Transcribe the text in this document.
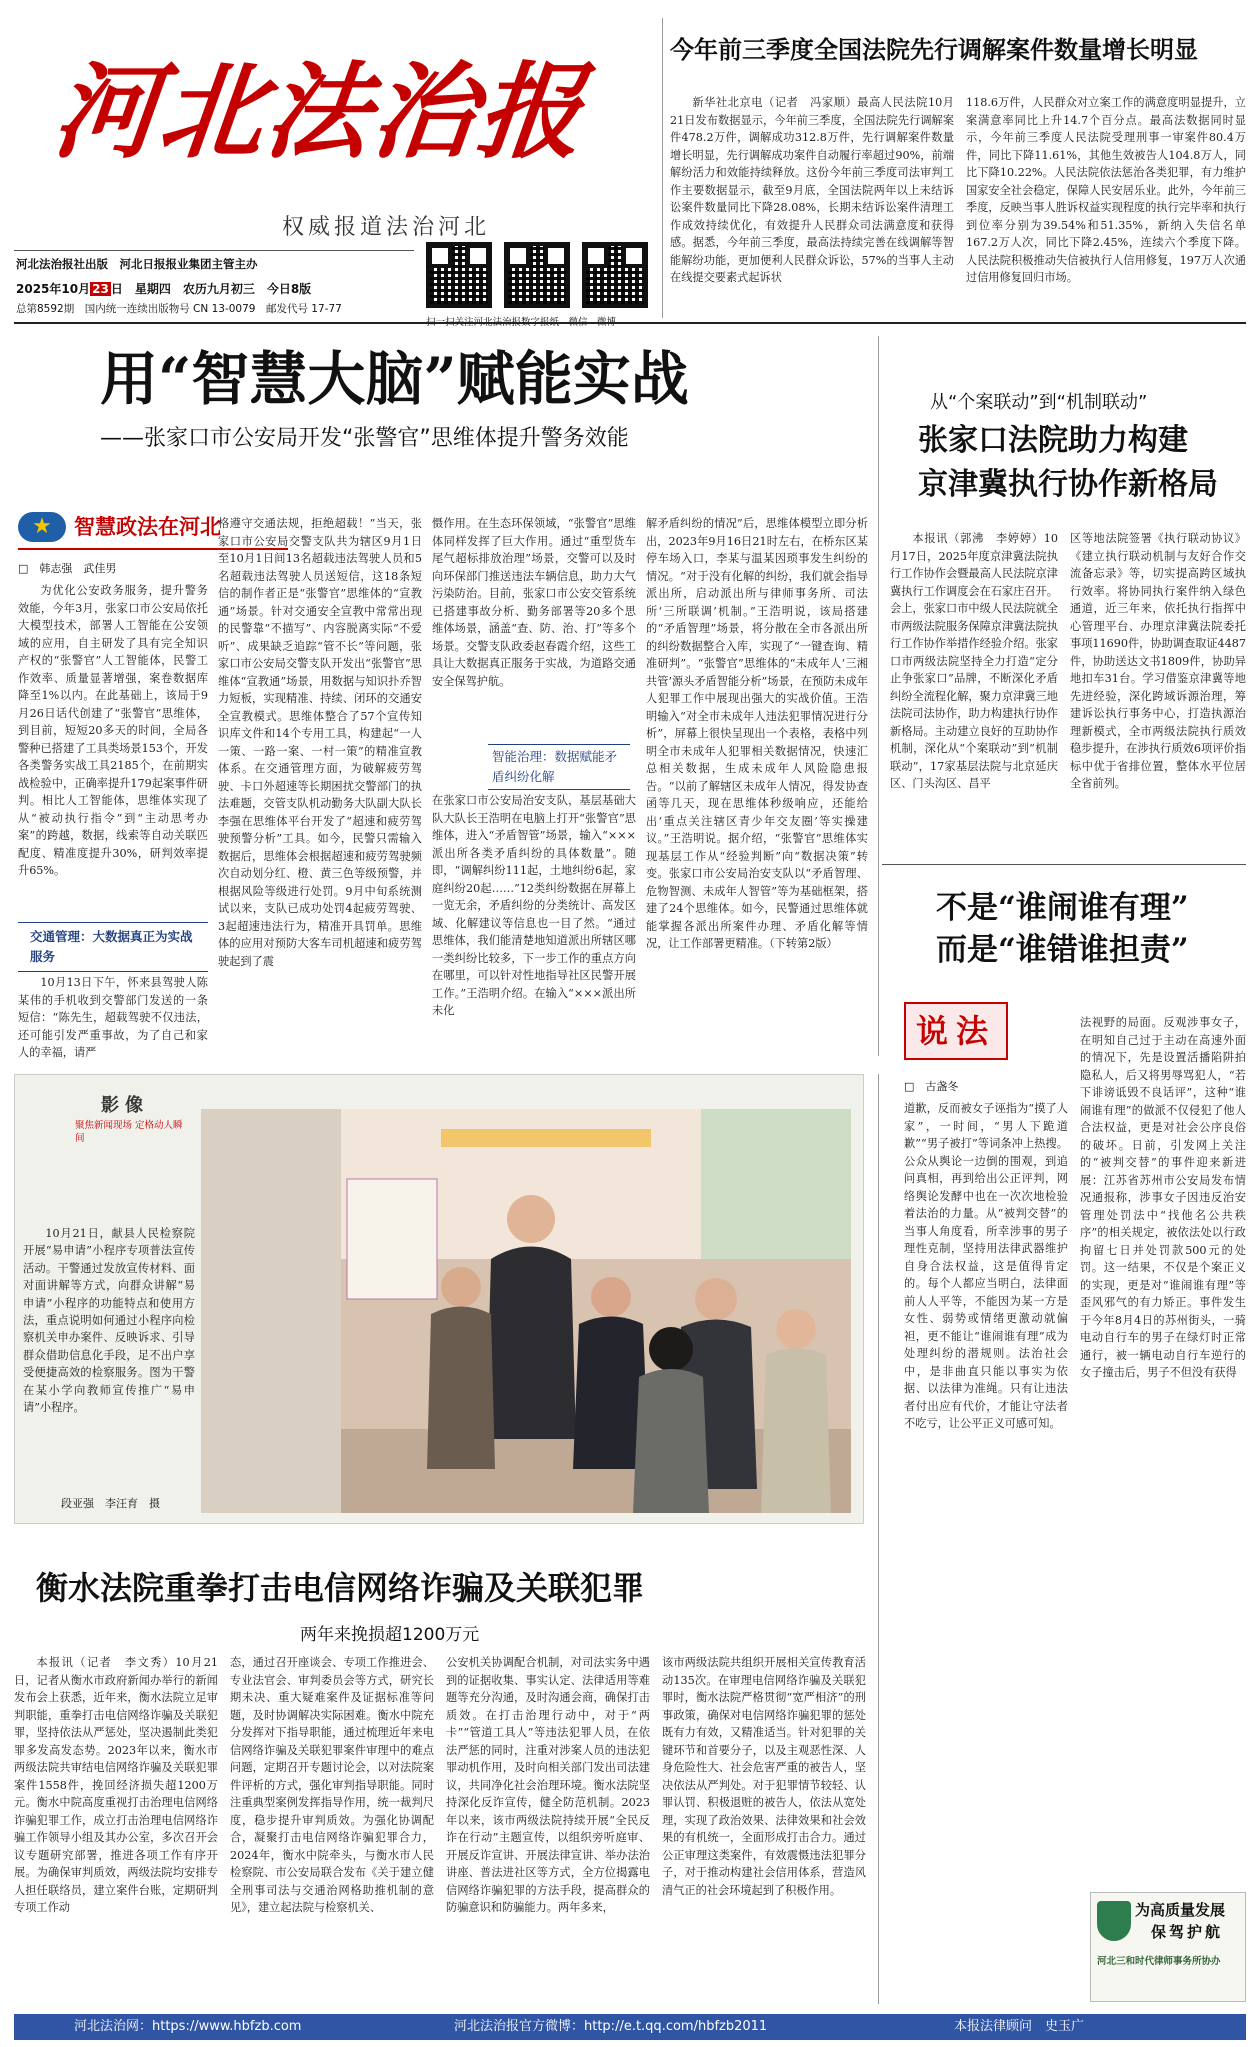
河北法治报
权威报道法治河北
河北法治报社出版　河北日报报业集团主管主办
2025年10月 23 日　星期四　农历九月初三　今日8版
总第8592期　国内统一连续出版物号 CN 13-0079　邮发代号 17-77
今年前三季度全国法院先行调解案件数量增长明显
新华社北京电（记者　冯家顺）最高人民法院10月21日发布数据显示，今年前三季度，全国法院先行调解案件478.2万件，调解成功312.8万件，先行调解案件数量增长明显，先行调解成功案件自动履行率超过90%，前端解纷活力和效能持续释放。这份今年前三季度司法审判工作主要数据显示，截至9月底，全国法院两年以上未结诉讼案件数量同比下降28.08%，长期未结诉讼案件清理工作成效持续优化，有效提升人民群众司法满意度和获得感。据悉，今年前三季度，最高法持续完善在线调解等智能解纷功能，更加便利人民群众诉讼，57%的当事人主动在线提交要素式起诉状
118.6万件，人民群众对立案工作的满意度明显提升，立案满意率同比上升14.7个百分点。最高法数据同时显示，今年前三季度人民法院受理刑事一审案件80.4万件，同比下降11.61%，其他生效被告人104.8万人，同比下降10.22%。人民法院依法惩治各类犯罪，有力维护国家安全社会稳定，保障人民安居乐业。此外，今年前三季度，反映当事人胜诉权益实现程度的执行完毕率和执行到位率分别为39.54%和51.35%，新纳入失信名单167.2万人次，同比下降2.45%，连续六个季度下降。人民法院积极推动失信被执行人信用修复，197万人次通过信用修复回归市场。
用“智慧大脑”赋能实战
——张家口市公安局开发“张警官”思维体提升警务效能
★	智慧政法在河北
□　韩志强　武佳男
为优化公安政务服务，提升警务效能，今年3月，张家口市公安局依托大模型技术，部署人工智能在公安领域的应用，自主研发了具有完全知识产权的“张警官”人工智能体，民警工作效率、质量显著增强，案卷数据库降至1%以内。在此基础上，该局于9月26日话代创建了“张警官”思维体，到目前，短短20多天的时间，全局各警种已搭建了工具类场景153个，开发各类警务实战工具2185个，在前期实战检验中，正确率提升179起案事件研判。相比人工智能体，思维体实现了从“被动执行指令”到“主动思考办案”的跨越，数据，线索等自动关联匹配度、精准度提升30%，研判效率提升65%。
交通管理：大数据真正为实战服务
10月13日下午，怀来县驾驶人陈某伟的手机收到交警部门发送的一条短信：“陈先生，超载驾驶不仅违法，还可能引发严重事故，为了自己和家人的幸福，请严
格遵守交通法规，拒绝超载！”当天，张家口市公安局交警支队共为辖区9月1日至10月1日间13名超载违法驾驶人员和5名超载违法驾驶人员送短信，这18条短信的制作者正是“张警官”思维体的“宣教通”场景。针对交通安全宣教中常常出现的民警靠“不描写”、内容脱离实际“不爱听”、成果缺乏追踪“管不长”等问题，张家口市公安局交警支队开发出“张警官”思维体“宣教通”场景，用数据与知识扑乔智力短板，实现精准、持续、闭环的交通安全宣教模式。思维体整合了57个宣传知识库文件和14个专用工具，构建起“一人一策、一路一案、一村一策”的精准宣教体系。在交通管理方面，为破解疲劳驾驶、卡口外超速等长期困扰交警部门的执法难题，交管支队机动勤务大队副大队长李强在思维体平台开发了“超速和疲劳驾驶预警分析”工具。如今，民警只需输入数据后，思维体会根据超速和疲劳驾驶频次自动划分红、橙、黄三色等级预警，并根据风险等级进行处罚。9月中旬系统测试以来，支队已成功处罚4起疲劳驾驶、3起超速违法行为，精准开具罚单。思维体的应用对预防大客车司机超速和疲劳驾驶起到了震
慑作用。在生态环保领域，“张警官”思维体同样发挥了巨大作用。通过“重型货车尾气超标排放治理”场景，交警可以及时向环保部门推送违法车辆信息，助力大气污染防治。目前，张家口市公安交管系统已搭建事故分析、勤务部署等20多个思维体场景，涵盖“查、防、治、打”等多个场景。交警支队政委赵春霞介绍，这些工具让大数据真正服务于实战，为道路交通安全保驾护航。
智能治理：数据赋能矛盾纠纷化解
在张家口市公安局治安支队，基层基础大队大队长王浩明在电脑上打开“张警官”思维体，进入“矛盾智管”场景，输入“×××派出所各类矛盾纠纷的具体数量”。随即，“调解纠纷111起，土地纠纷6起，家庭纠纷20起……”12类纠纷数据在屏幕上一览无余，矛盾纠纷的分类统计、高发区域、化解建议等信息也一目了然。“通过思维体，我们能清楚地知道派出所辖区哪一类纠纷比较多，下一步工作的重点方向在哪里，可以针对性地指导社区民警开展工作。”王浩明介绍。在输入“×××派出所未化
解矛盾纠纷的情况”后，思维体模型立即分析出，2023年9月16日21时左右，在桥东区某停车场入口，李某与温某因琐事发生纠纷的情况。“对于没有化解的纠纷，我们就会指导派出所，启动派出所与律师事务所、司法所‘三所联调’机制。”王浩明说，该局搭建的“矛盾智理”场景，将分散在全市各派出所的纠纷数据整合入库，实现了“一键查询、精准研判”。“张警官”思维体的“未成年人‘三湘共管’源头矛盾智能分析”场景，在预防未成年人犯罪工作中展现出强大的实战价值。王浩明输入“对全市未成年人违法犯罪情况进行分析”，屏幕上很快呈现出一个表格，表格中列明全市未成年人犯罪相关数据情况，快速汇总相关数据，生成未成年人风险隐患报告。“以前了解辖区未成年人情况，得发协查函等几天，现在思维体秒级响应，还能给出‘重点关注辖区青少年交友圈’等实操建议。”王浩明说。据介绍，“张警官”思维体实现基层工作从“经验判断”向“数据决策”转变。张家口市公安局治安支队以“矛盾智理、危物智测、未成年人智管”等为基础框架，搭建了24个思维体。如今，民警通过思维体就能掌握各派出所案件办理、矛盾化解等情况，让工作部署更精准。（下转第2版）
从“个案联动”到“机制联动”
张家口法院助力构建
京津冀执行协作新格局
本报讯（郭沸　李婷婷）10月17日，2025年度京津冀法院执行工作协作会暨最高人民法院京津冀执行工作调度会在石家庄召开。会上，张家口市中级人民法院就全市两级法院服务保障京津冀法院执行工作协作举措作经验介绍。张家口市两级法院坚持全力打造“定分止争张家口”品牌，不断深化矛盾纠纷全流程化解，聚力京津冀三地法院司法协作，助力构建执行协作新格局。主动建立良好的互助协作机制，深化从“个案联动”到“机制联动”，17家基层法院与北京延庆区、门头沟区、昌平
区等地法院签署《执行联动协议》《建立执行联动机制与友好合作交流备忘录》等，切实提高跨区域执行效率。将协同执行案件纳入绿色通道，近三年来，依托执行指挥中心管理平台、办理京津冀法院委托事项11690件，协助调查取证4487件，协助送达文书1809件，协助异地扣车31台。学习借鉴京津冀等地先进经验，深化跨域诉源治理，筹建诉讼执行事务中心，打造执源治理新模式，全市两级法院执行质效稳步提升，在涉执行质效6项评价指标中优于省排位置，整体水平位居全省前列。
不是“谁闹谁有理”
而是“谁错谁担责”
说法
□　古盏冬
道歉，反而被女子诬指为“摸了人家”，一时间，“男人下跪道歉”“男子被打”等词条冲上热搜。公众从舆论一边倒的围观，到追问真相，再到给出公正评判，网络舆论发酵中也在一次次地检验着法治的力量。从“被判交替”的当事人角度看，所幸涉事的男子理性克制，坚持用法律武器维护自身合法权益，这是值得肯定的。每个人都应当明白，法律面前人人平等，不能因为某一方是女性、弱势或情绪更激动就偏袒，更不能让“谁闹谁有理”成为处理纠纷的潜规则。法治社会中，是非曲直只能以事实为依据、以法律为准绳。只有让违法者付出应有代价，才能让守法者不吃亏，让公平正义可感可知。
法视野的局面。反观涉事女子，在明知自己过于主动在高速外面的情况下，先是设置活播陷阱拍隐私人，后又将男辱骂犯人，“若下诽谤诋毁不良话评”，这种“谁闹谁有理”的做派不仅侵犯了他人合法权益，更是对社会公序良俗的破坏。日前，引发网上关注的“被判交替”的事件迎来新进展：江苏省苏州市公安局发布情况通报称，涉事女子因违反治安管理处罚法中“找他名公共秩序”的相关规定，被依法处以行政拘留七日并处罚款500元的处罚。这一结果，不仅是个案正义的实现，更是对“谁闹谁有理”等歪风邪气的有力矫正。事件发生于今年8月4日的苏州街头，一骑电动自行车的男子在绿灯时正常通行，被一辆电动自行车逆行的女子撞击后，男子不但没有获得
影像
聚焦新闻现场 定格动人瞬间
10月21日，献县人民检察院开展“易申请”小程序专项普法宣传活动。干警通过发放宣传材料、面对面讲解等方式，向群众讲解“易申请”小程序的功能特点和使用方法，重点说明如何通过小程序向检察机关申办案件、反映诉求、引导群众借助信息化手段，足不出户享受便捷高效的检察服务。图为干警在某小学向教师宣传推广“易申请”小程序。
段亚强　李汪育　摄
衡水法院重拳打击电信网络诈骗及关联犯罪
两年来挽损超1200万元
本报讯（记者　李文秀）10月21日，记者从衡水市政府新闻办举行的新闻发布会上获悉，近年来，衡水法院立足审判职能，重拳打击电信网络诈骗及关联犯罪，坚持依法从严惩处，坚决遏制此类犯罪多发高发态势。2023年以来，衡水市两级法院共审结电信网络诈骗及关联犯罪案件1558件，挽回经济损失超1200万元。衡水中院高度重视打击治理电信网络诈骗犯罪工作，成立打击治理电信网络诈骗工作领导小组及其办公室，多次召开会议专题研究部署，推进各项工作有序开展。为确保审判质效，两级法院均安排专人担任联络员，建立案件台账，定期研判专项工作动
态，通过召开座谈会、专项工作推进会、专业法官会、审判委员会等方式，研究长期未决、重大疑难案件及证据标准等问题，及时协调解决实际困难。衡水中院充分发挥对下指导职能，通过梳理近年来电信网络诈骗及关联犯罪案件审理中的难点问题，定期召开专题讨论会，以对法院案件评析的方式，强化审判指导职能。同时注重典型案例发挥指导作用，统一裁判尺度，稳步提升审判质效。为强化协调配合，凝聚打击电信网络诈骗犯罪合力，2024年，衡水中院牵头，与衡水市人民检察院、市公安局联合发布《关于建立健全刑事司法与交通治网格助推机制的意见》，建立起法院与检察机关、
公安机关协调配合机制，对司法实务中遇到的证据收集、事实认定、法律适用等难题等充分沟通，及时沟通会商，确保打击质效。在打击治理行动中，对于“两卡”“管道工具人”等违法犯罪人员，在依法严惩的同时，注重对涉案人员的违法犯罪动机作用，及时向相关部门发出司法建议，共同净化社会治理环境。衡水法院坚持深化反诈宣传，健全防范机制。2023年以来，该市两级法院持续开展“全民反诈在行动”主题宣传，以组织旁听庭审、开展反诈宣讲、开展法律宣讲、举办法治讲座、普法进社区等方式，全方位揭露电信网络诈骗犯罪的方法手段，提高群众的防骗意识和防骗能力。两年多来，
该市两级法院共组织开展相关宣传教育活动135次。在审理电信网络诈骗及关联犯罪时，衡水法院严格贯彻“宽严相济”的刑事政策，确保对电信网络诈骗犯罪的惩处既有力有效，又精准适当。针对犯罪的关键环节和首要分子，以及主观恶性深、人身危险性大、社会危害严重的被告人，坚决依法从严判处。对于犯罪情节较轻、认罪认罚、积极退赃的被告人，依法从宽处理，实现了政治效果、法律效果和社会效果的有机统一，全面形成打击合力。通过公正审理这类案件，有效震慑违法犯罪分子，对于推动构建社会信用体系，营造风清气正的社会环境起到了积极作用。
为高质量发展
保驾护航
河北三和时代律师事务所协办
河北法治网：https://www.hbfzb.com	河北法治报官方微博：http://e.t.qq.com/hbfzb2011	本报法律顾问　史玉广
